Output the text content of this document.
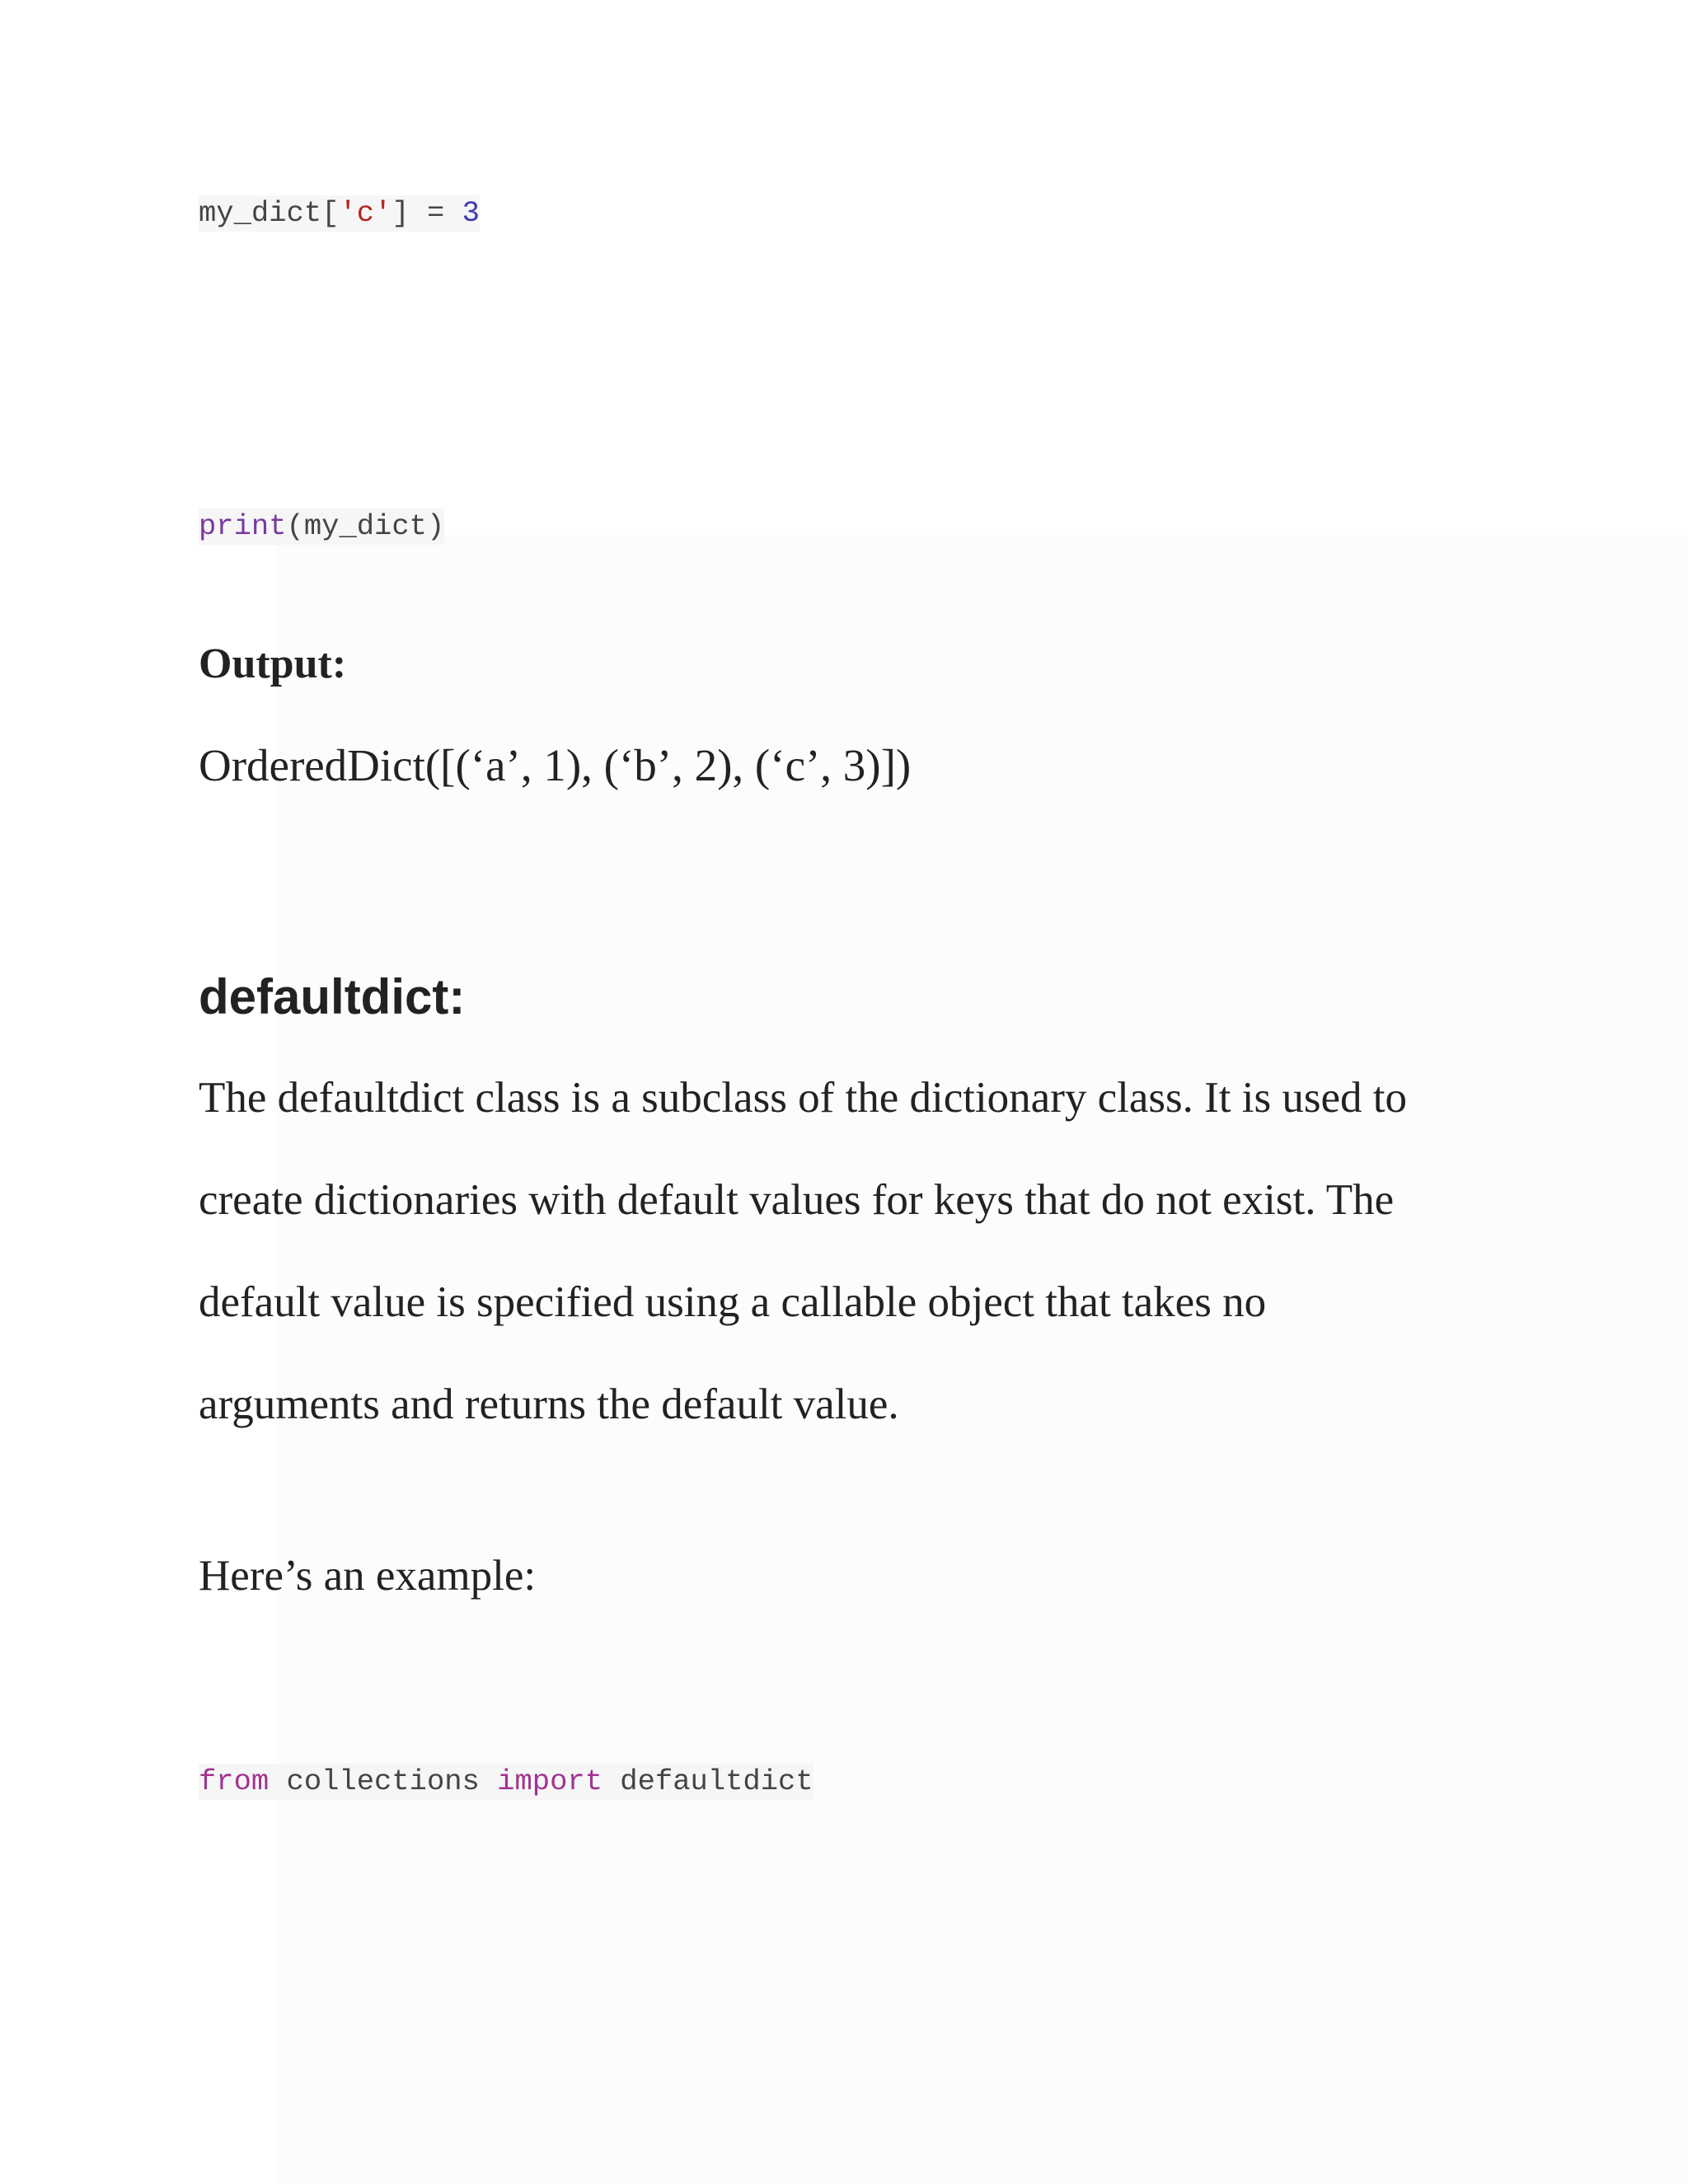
my_dict['c'] = 3

print(my_dict)

Output:

OrderedDict([(‘a’, 1), (‘b’, 2), (‘c’, 3)])

defaultdict:
The defaultdict class is a subclass of the dictionary class. It is used to
create dictionaries with default values for keys that do not exist. The
default value is specified using a callable object that takes no
arguments and returns the default value.

Here’s an example:

from collections import defaultdict
